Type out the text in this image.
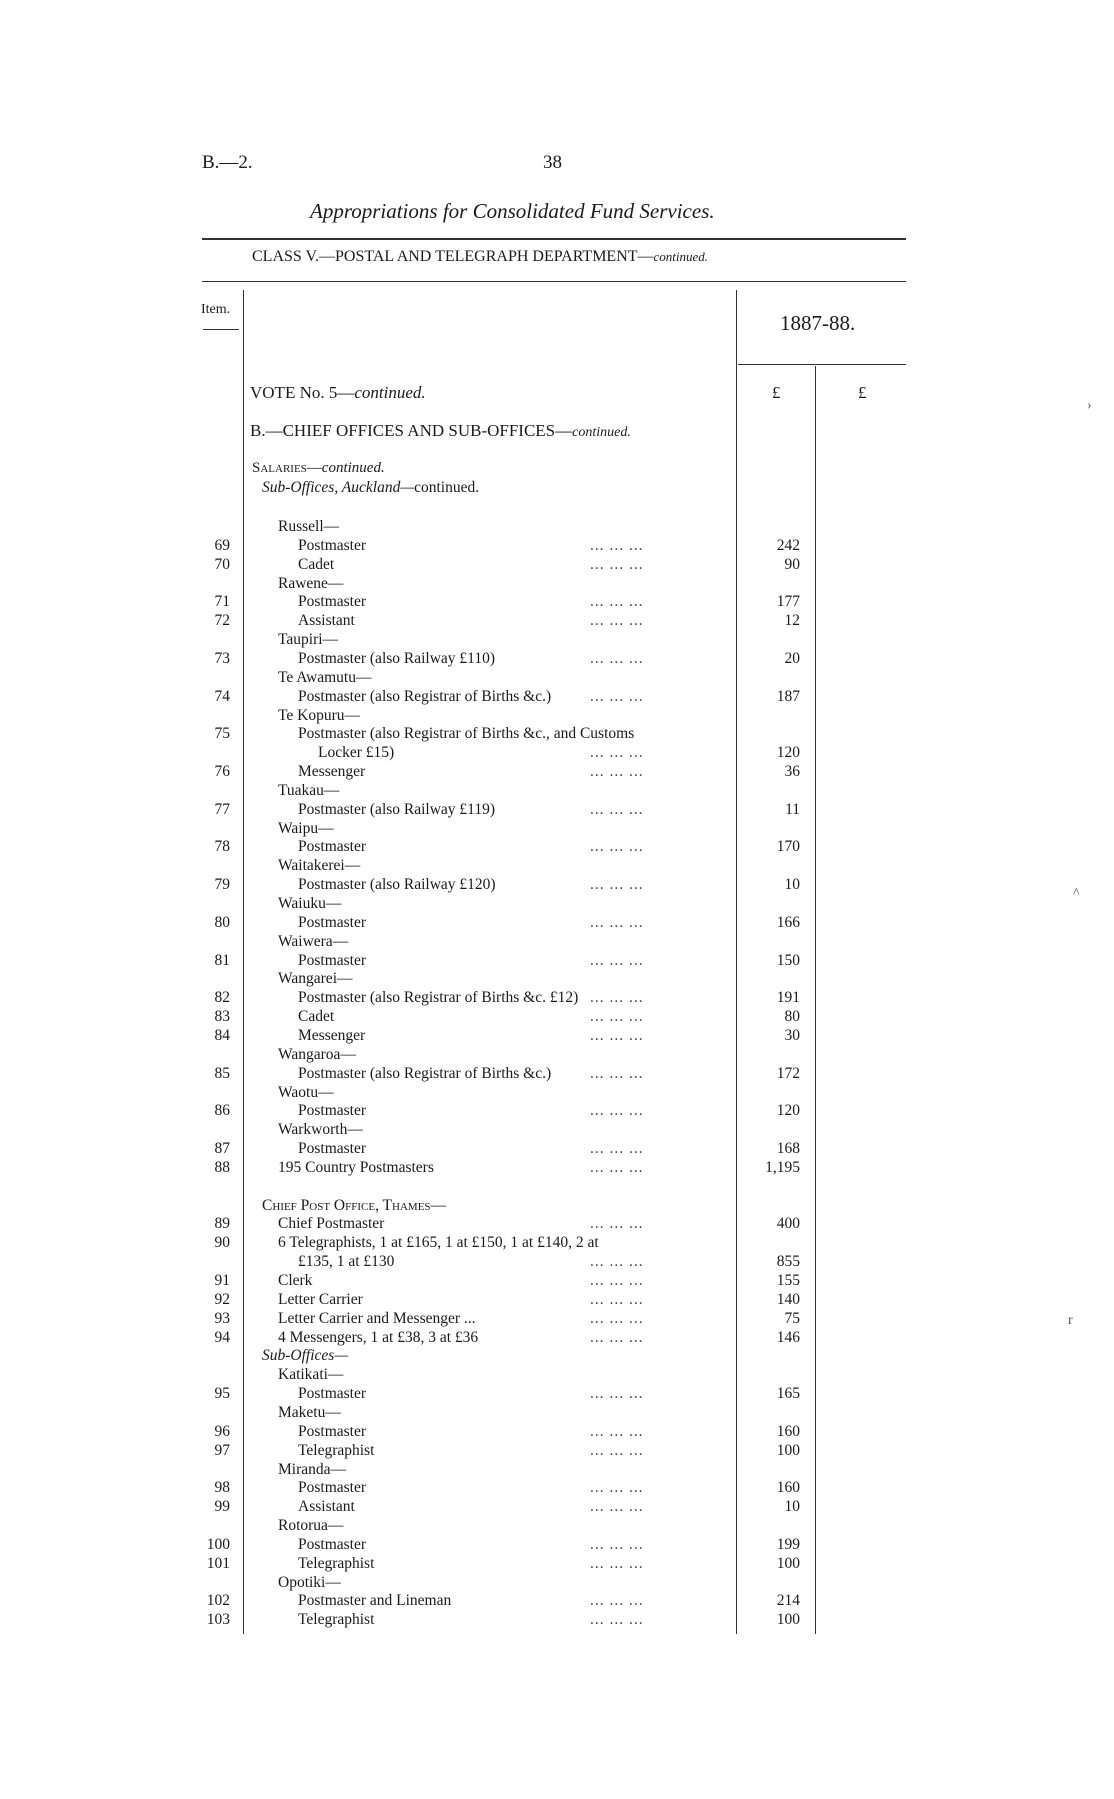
B.—2.	38
Appropriations for Consolidated Fund Services.
CLASS V.—POSTAL AND TELEGRAPH DEPARTMENT—continued.
Item.
1887-88.
£	£
VOTE No. 5—continued.
B.—CHIEF OFFICES AND SUB-OFFICES—continued.
Salaries—continued.
Sub-Offices, Auckland—continued.
Russell—
69	Postmaster	... ... ...	242
70	Cadet	... ... ...	90
Rawene—
71	Postmaster	... ... ...	177
72	Assistant	... ... ...	12
Taupiri—
73	Postmaster (also Railway £110)	... ... ...	20
Te Awamutu—
74	Postmaster (also Registrar of Births &c.)	... ... ...	187
Te Kopuru—
75	Postmaster (also Registrar of Births &c., and Customs
Locker £15)	... ... ...	120
76	Messenger	... ... ...	36
Tuakau—
77	Postmaster (also Railway £119)	... ... ...	11
Waipu—
78	Postmaster	... ... ...	170
Waitakerei—
79	Postmaster (also Railway £120)	... ... ...	10
Waiuku—
80	Postmaster	... ... ...	166
Waiwera—
81	Postmaster	... ... ...	150
Wangarei—
82	Postmaster (also Registrar of Births &c. £12) ... ... ...	191
83	Cadet	... ... ...	80
84	Messenger	... ... ...	30
Wangaroa—
85	Postmaster (also Registrar of Births &c.)	... ... ...	172
Waotu—
86	Postmaster	... ... ...	120
Warkworth—
87	Postmaster	... ... ...	168
88	195 Country Postmasters	... ... ...	1,195
Chief Post Office, Thames—
89	Chief Postmaster	... ... ...	400
90	6 Telegraphists, 1 at £165, 1 at £150, 1 at £140, 2 at
£135, 1 at £130	... ... ...	855
91	Clerk	... ... ...	155
92	Letter Carrier	... ... ...	140
93	Letter Carrier and Messenger ...	... ... ...	75
94	4 Messengers, 1 at £38, 3 at £36	... ... ...	146
Sub-Offices—
Katikati—
95	Postmaster	... ... ...	165
Maketu—
96	Postmaster	... ... ...	160
97	Telegraphist	... ... ...	100
Miranda—
98	Postmaster	... ... ...	160
99	Assistant	... ... ...	10
Rotorua—
100	Postmaster	... ... ...	199
101	Telegraphist	... ... ...	100
Opotiki—
102	Postmaster and Lineman	... ... ...	214
103	Telegraphist	... ... ...	100
›
^
r
